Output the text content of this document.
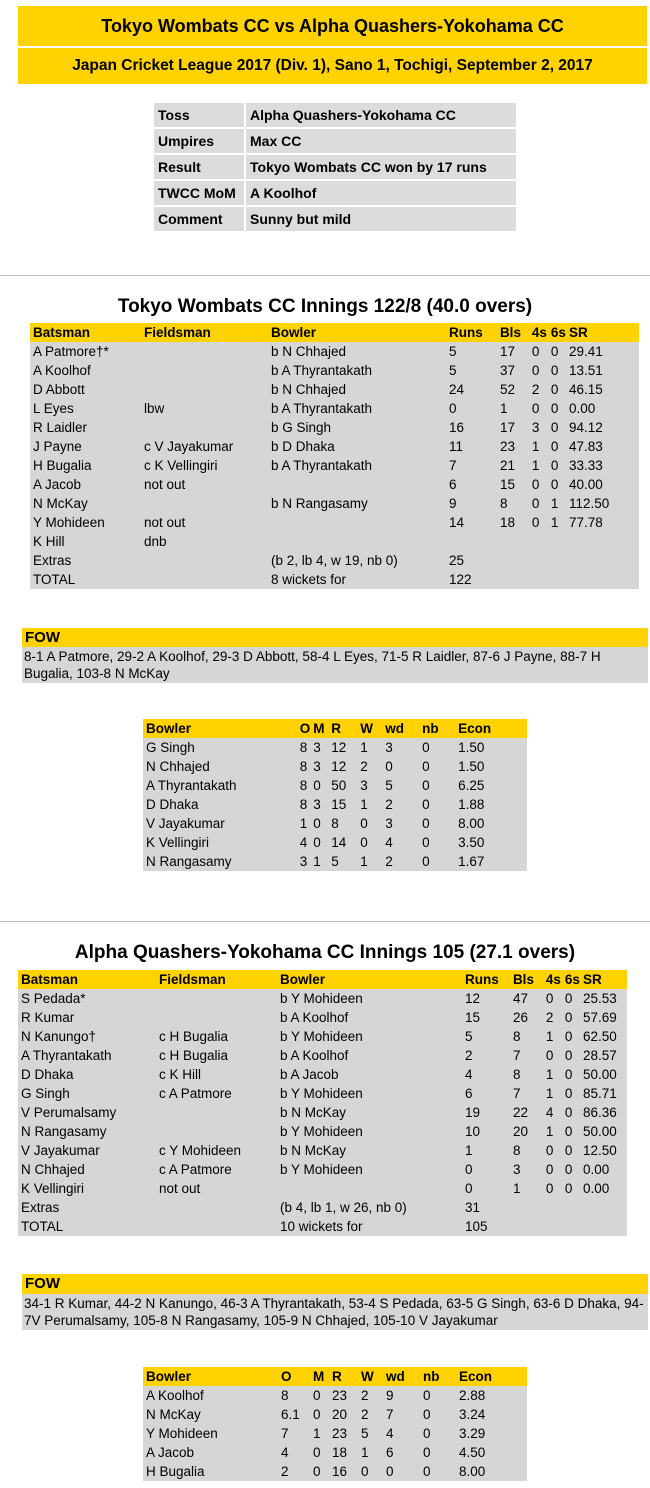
Tokyo Wombats CC vs Alpha Quashers-Yokohama CC
Japan Cricket League 2017 (Div. 1), Sano 1, Tochigi, September 2, 2017
Toss	Alpha Quashers-Yokohama CC
Umpires	Max CC
Result	Tokyo Wombats CC won by 17 runs
TWCC MoM	A Koolhof
Comment	Sunny but mild
Tokyo Wombats CC Innings 122/8 (40.0 overs)
Batsman	Fieldsman	Bowler	Runs	Bls	4s	6s	SR
A Patmore†*		b N Chhajed	5	17	0	0	29.41
A Koolhof		b A Thyrantakath	5	37	0	0	13.51
D Abbott		b N Chhajed	24	52	2	0	46.15
L Eyes	lbw	b A Thyrantakath	0	1	0	0	0.00
R Laidler		b G Singh	16	17	3	0	94.12
J Payne	c V Jayakumar	b D Dhaka	11	23	1	0	47.83
H Bugalia	c K Vellingiri	b A Thyrantakath	7	21	1	0	33.33
A Jacob	not out		6	15	0	0	40.00
N McKay		b N Rangasamy	9	8	0	1	112.50
Y Mohideen	not out		14	18	0	1	77.78
K Hill	dnb						
Extras		(b 2, lb 4, w 19, nb 0)	25				
TOTAL		8 wickets for	122				
FOW
8-1 A Patmore, 29-2 A Koolhof, 29-3 D Abbott, 58-4 L Eyes, 71-5 R Laidler, 87-6 J Payne, 88-7 H Bugalia, 103-8 N McKay
Bowler	O	M	R	W	wd	nb	Econ
G Singh	8	3	12	1	3	0	1.50
N Chhajed	8	3	12	2	0	0	1.50
A Thyrantakath	8	0	50	3	5	0	6.25
D Dhaka	8	3	15	1	2	0	1.88
V Jayakumar	1	0	8	0	3	0	8.00
K Vellingiri	4	0	14	0	4	0	3.50
N Rangasamy	3	1	5	1	2	0	1.67
Alpha Quashers-Yokohama CC Innings 105 (27.1 overs)
Batsman	Fieldsman	Bowler	Runs	Bls	4s	6s	SR
S Pedada*		b Y Mohideen	12	47	0	0	25.53
R Kumar		b A Koolhof	15	26	2	0	57.69
N Kanungo†	c H Bugalia	b Y Mohideen	5	8	1	0	62.50
A Thyrantakath	c H Bugalia	b A Koolhof	2	7	0	0	28.57
D Dhaka	c K Hill	b A Jacob	4	8	1	0	50.00
G Singh	c A Patmore	b Y Mohideen	6	7	1	0	85.71
V Perumalsamy		b N McKay	19	22	4	0	86.36
N Rangasamy		b Y Mohideen	10	20	1	0	50.00
V Jayakumar	c Y Mohideen	b N McKay	1	8	0	0	12.50
N Chhajed	c A Patmore	b Y Mohideen	0	3	0	0	0.00
K Vellingiri	not out		0	1	0	0	0.00
Extras		(b 4, lb 1, w 26, nb 0)	31				
TOTAL		10 wickets for	105				
FOW
34-1 R Kumar, 44-2 N Kanungo, 46-3 A Thyrantakath, 53-4 S Pedada, 63-5 G Singh, 63-6 D Dhaka, 94-7V Perumalsamy, 105-8 N Rangasamy, 105-9 N Chhajed, 105-10 V Jayakumar
Bowler	O	M	R	W	wd	nb	Econ
A Koolhof	8	0	23	2	9	0	2.88
N McKay	6.1	0	20	2	7	0	3.24
Y Mohideen	7	1	23	5	4	0	3.29
A Jacob	4	0	18	1	6	0	4.50
H Bugalia	2	0	16	0	0	0	8.00
